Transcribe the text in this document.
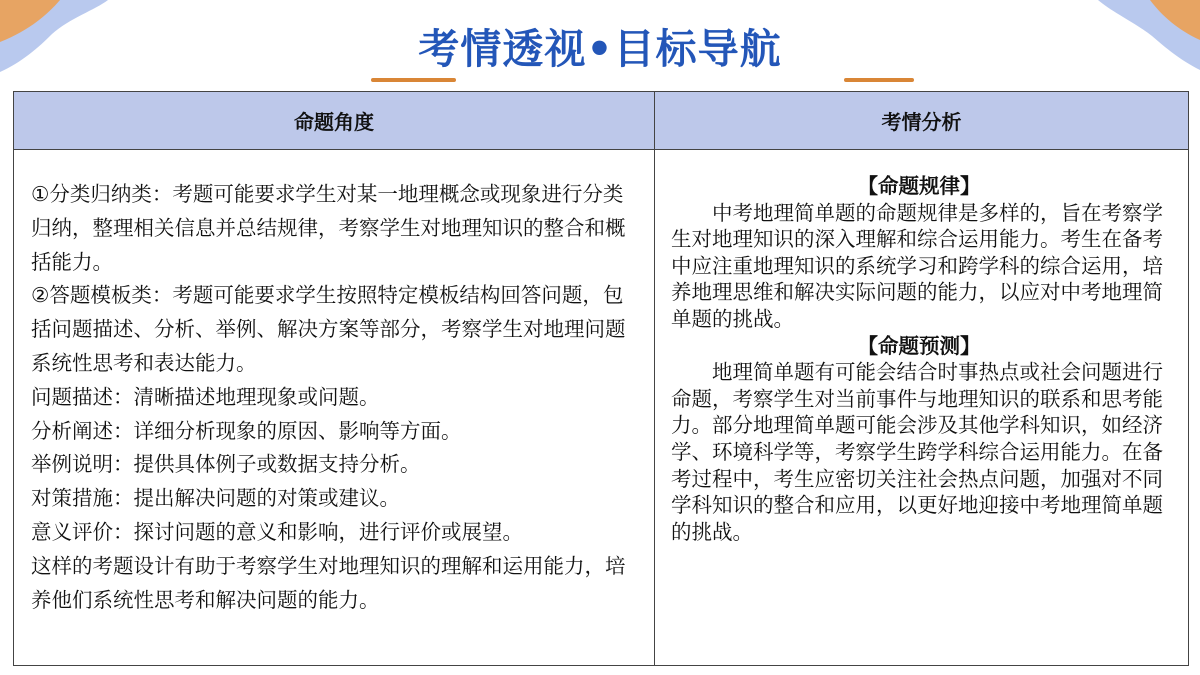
考情透视•目标导航
命题角度	考情分析

①分类归纳类：考题可能要求学生对某一地理概念或现象进行分类归纳，整理相关信息并总结规律，考察学生对地理知识的整合和概括能力。

②答题模板类：考题可能要求学生按照特定模板结构回答问题，包括问题描述、分析、举例、解决方案等部分，考察学生对地理问题系统性思考和表达能力。

问题描述：清晰描述地理现象或问题。

分析阐述：详细分析现象的原因、影响等方面。

举例说明：提供具体例子或数据支持分析。

对策措施：提出解决问题的对策或建议。

意义评价：探讨问题的意义和影响，进行评价或展望。

这样的考题设计有助于考察学生对地理知识的理解和运用能力，培养他们系统性思考和解决问题的能力。

【命题规律】

中考地理简单题的命题规律是多样的，旨在考察学生对地理知识的深入理解和综合运用能力。考生在备考中应注重地理知识的系统学习和跨学科的综合运用，培养地理思维和解决实际问题的能力，以应对中考地理简单题的挑战。

【命题预测】

地理简单题有可能会结合时事热点或社会问题进行命题，考察学生对当前事件与地理知识的联系和思考能力。部分地理简单题可能会涉及其他学科知识，如经济学、环境科学等，考察学生跨学科综合运用能力。在备考过程中，考生应密切关注社会热点问题，加强对不同学科知识的整合和应用，以更好地迎接中考地理简单题的挑战。
